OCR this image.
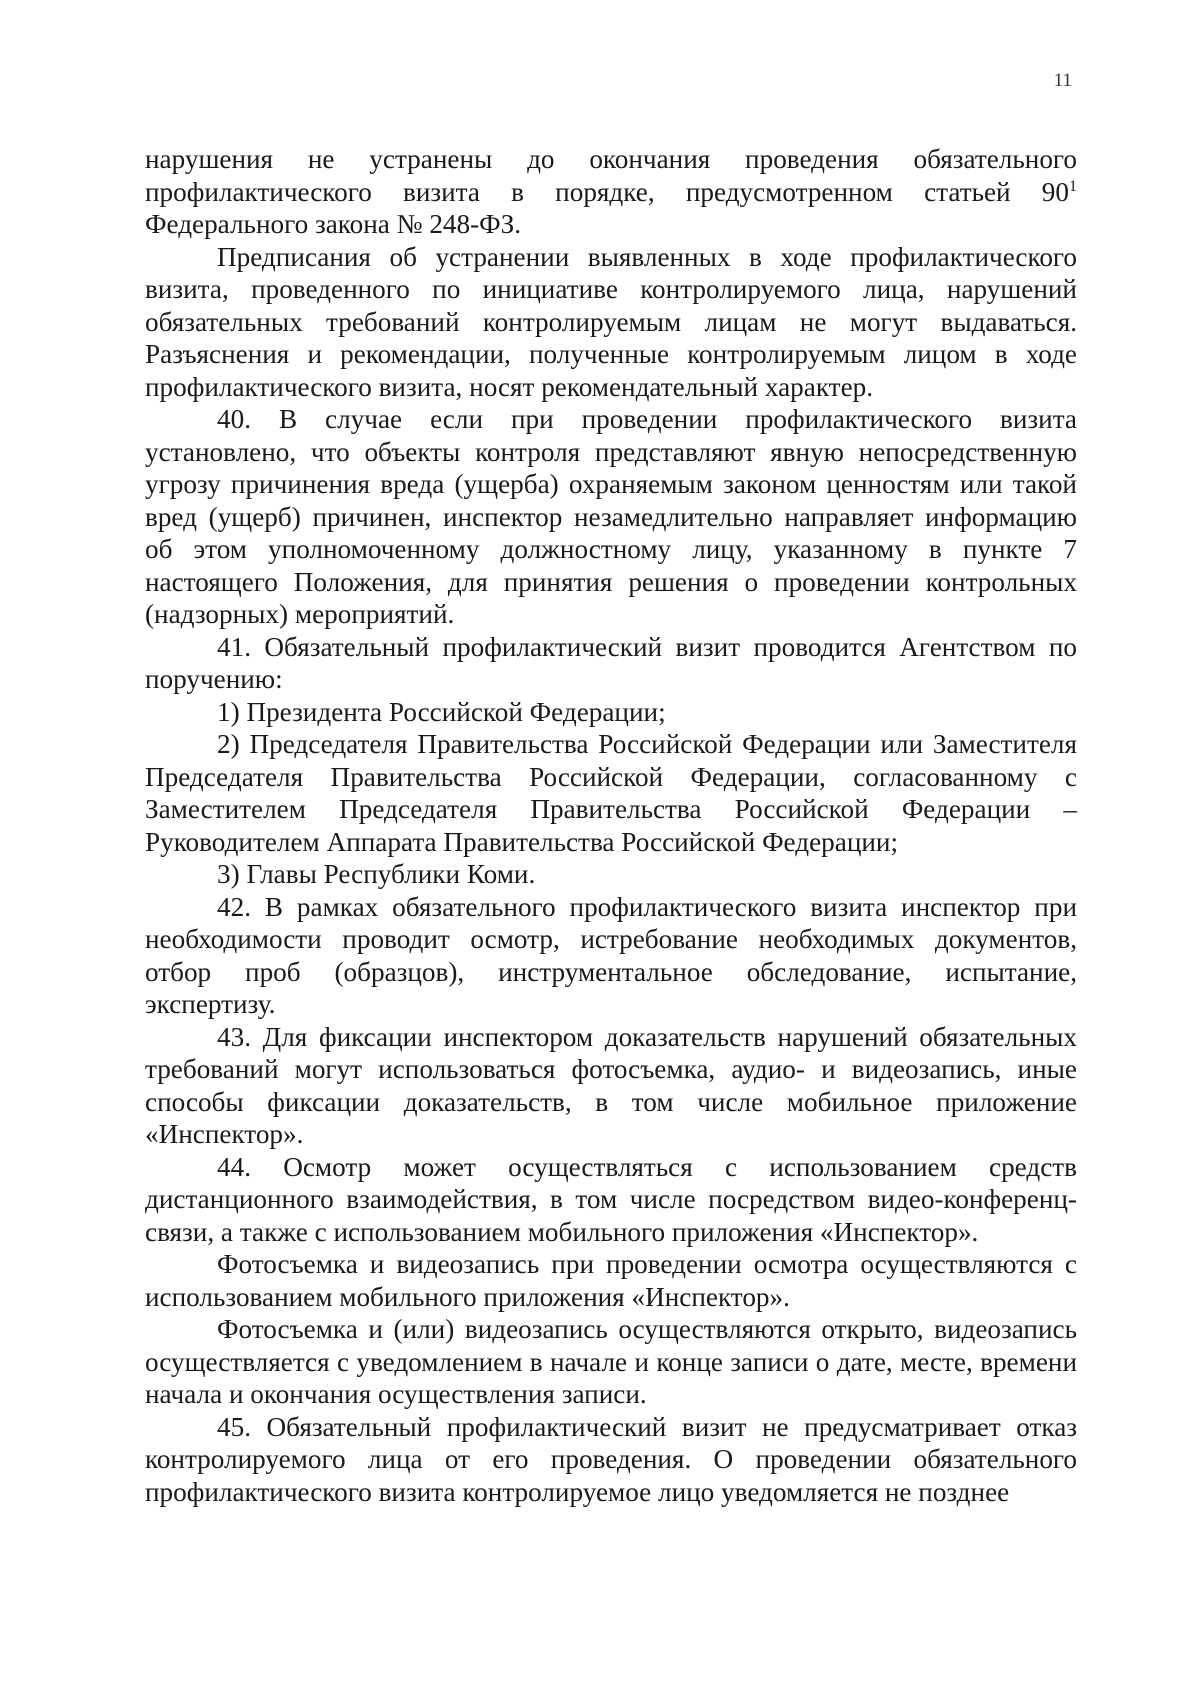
11

нарушения не устранены до окончания проведения обязательного профилактического визита в порядке, предусмотренном статьей $90^1$ Федерального закона № 248-ФЗ.

Предписания об устранении выявленных в ходе профилактического визита, проведенного по инициативе контролируемого лица, нарушений обязательных требований контролируемым лицам не могут выдаваться. Разъяснения и рекомендации, полученные контролируемым лицом в ходе профилактического визита, носят рекомендательный характер.

40. В случае если при проведении профилактического визита установлено, что объекты контроля представляют явную непосредственную угрозу причинения вреда (ущерба) охраняемым законом ценностям или такой вред (ущерб) причинен, инспектор незамедлительно направляет информацию об этом уполномоченному должностному лицу, указанному в пункте 7 настоящего Положения, для принятия решения о проведении контрольных (надзорных) мероприятий.

41. Обязательный профилактический визит проводится Агентством по поручению:

1) Президента Российской Федерации;

2) Председателя Правительства Российской Федерации или Заместителя Председателя Правительства Российской Федерации, согласованному с Заместителем Председателя Правительства Российской Федерации – Руководителем Аппарата Правительства Российской Федерации;

3) Главы Республики Коми.

42. В рамках обязательного профилактического визита инспектор при необходимости проводит осмотр, истребование необходимых документов, отбор проб (образцов), инструментальное обследование, испытание, экспертизу.

43. Для фиксации инспектором доказательств нарушений обязательных требований могут использоваться фотосъемка, аудио- и видеозапись, иные способы фиксации доказательств, в том числе мобильное приложение «Инспектор».

44. Осмотр может осуществляться с использованием средств дистанционного взаимодействия, в том числе посредством видео-конференц-связи, а также с использованием мобильного приложения «Инспектор».

Фотосъемка и видеозапись при проведении осмотра осуществляются с использованием мобильного приложения «Инспектор».

Фотосъемка и (или) видеозапись осуществляются открыто, видеозапись осуществляется с уведомлением в начале и конце записи о дате, месте, времени начала и окончания осуществления записи.

45. Обязательный профилактический визит не предусматривает отказ контролируемого лица от его проведения. О проведении обязательного профилактического визита контролируемое лицо уведомляется не позднее
